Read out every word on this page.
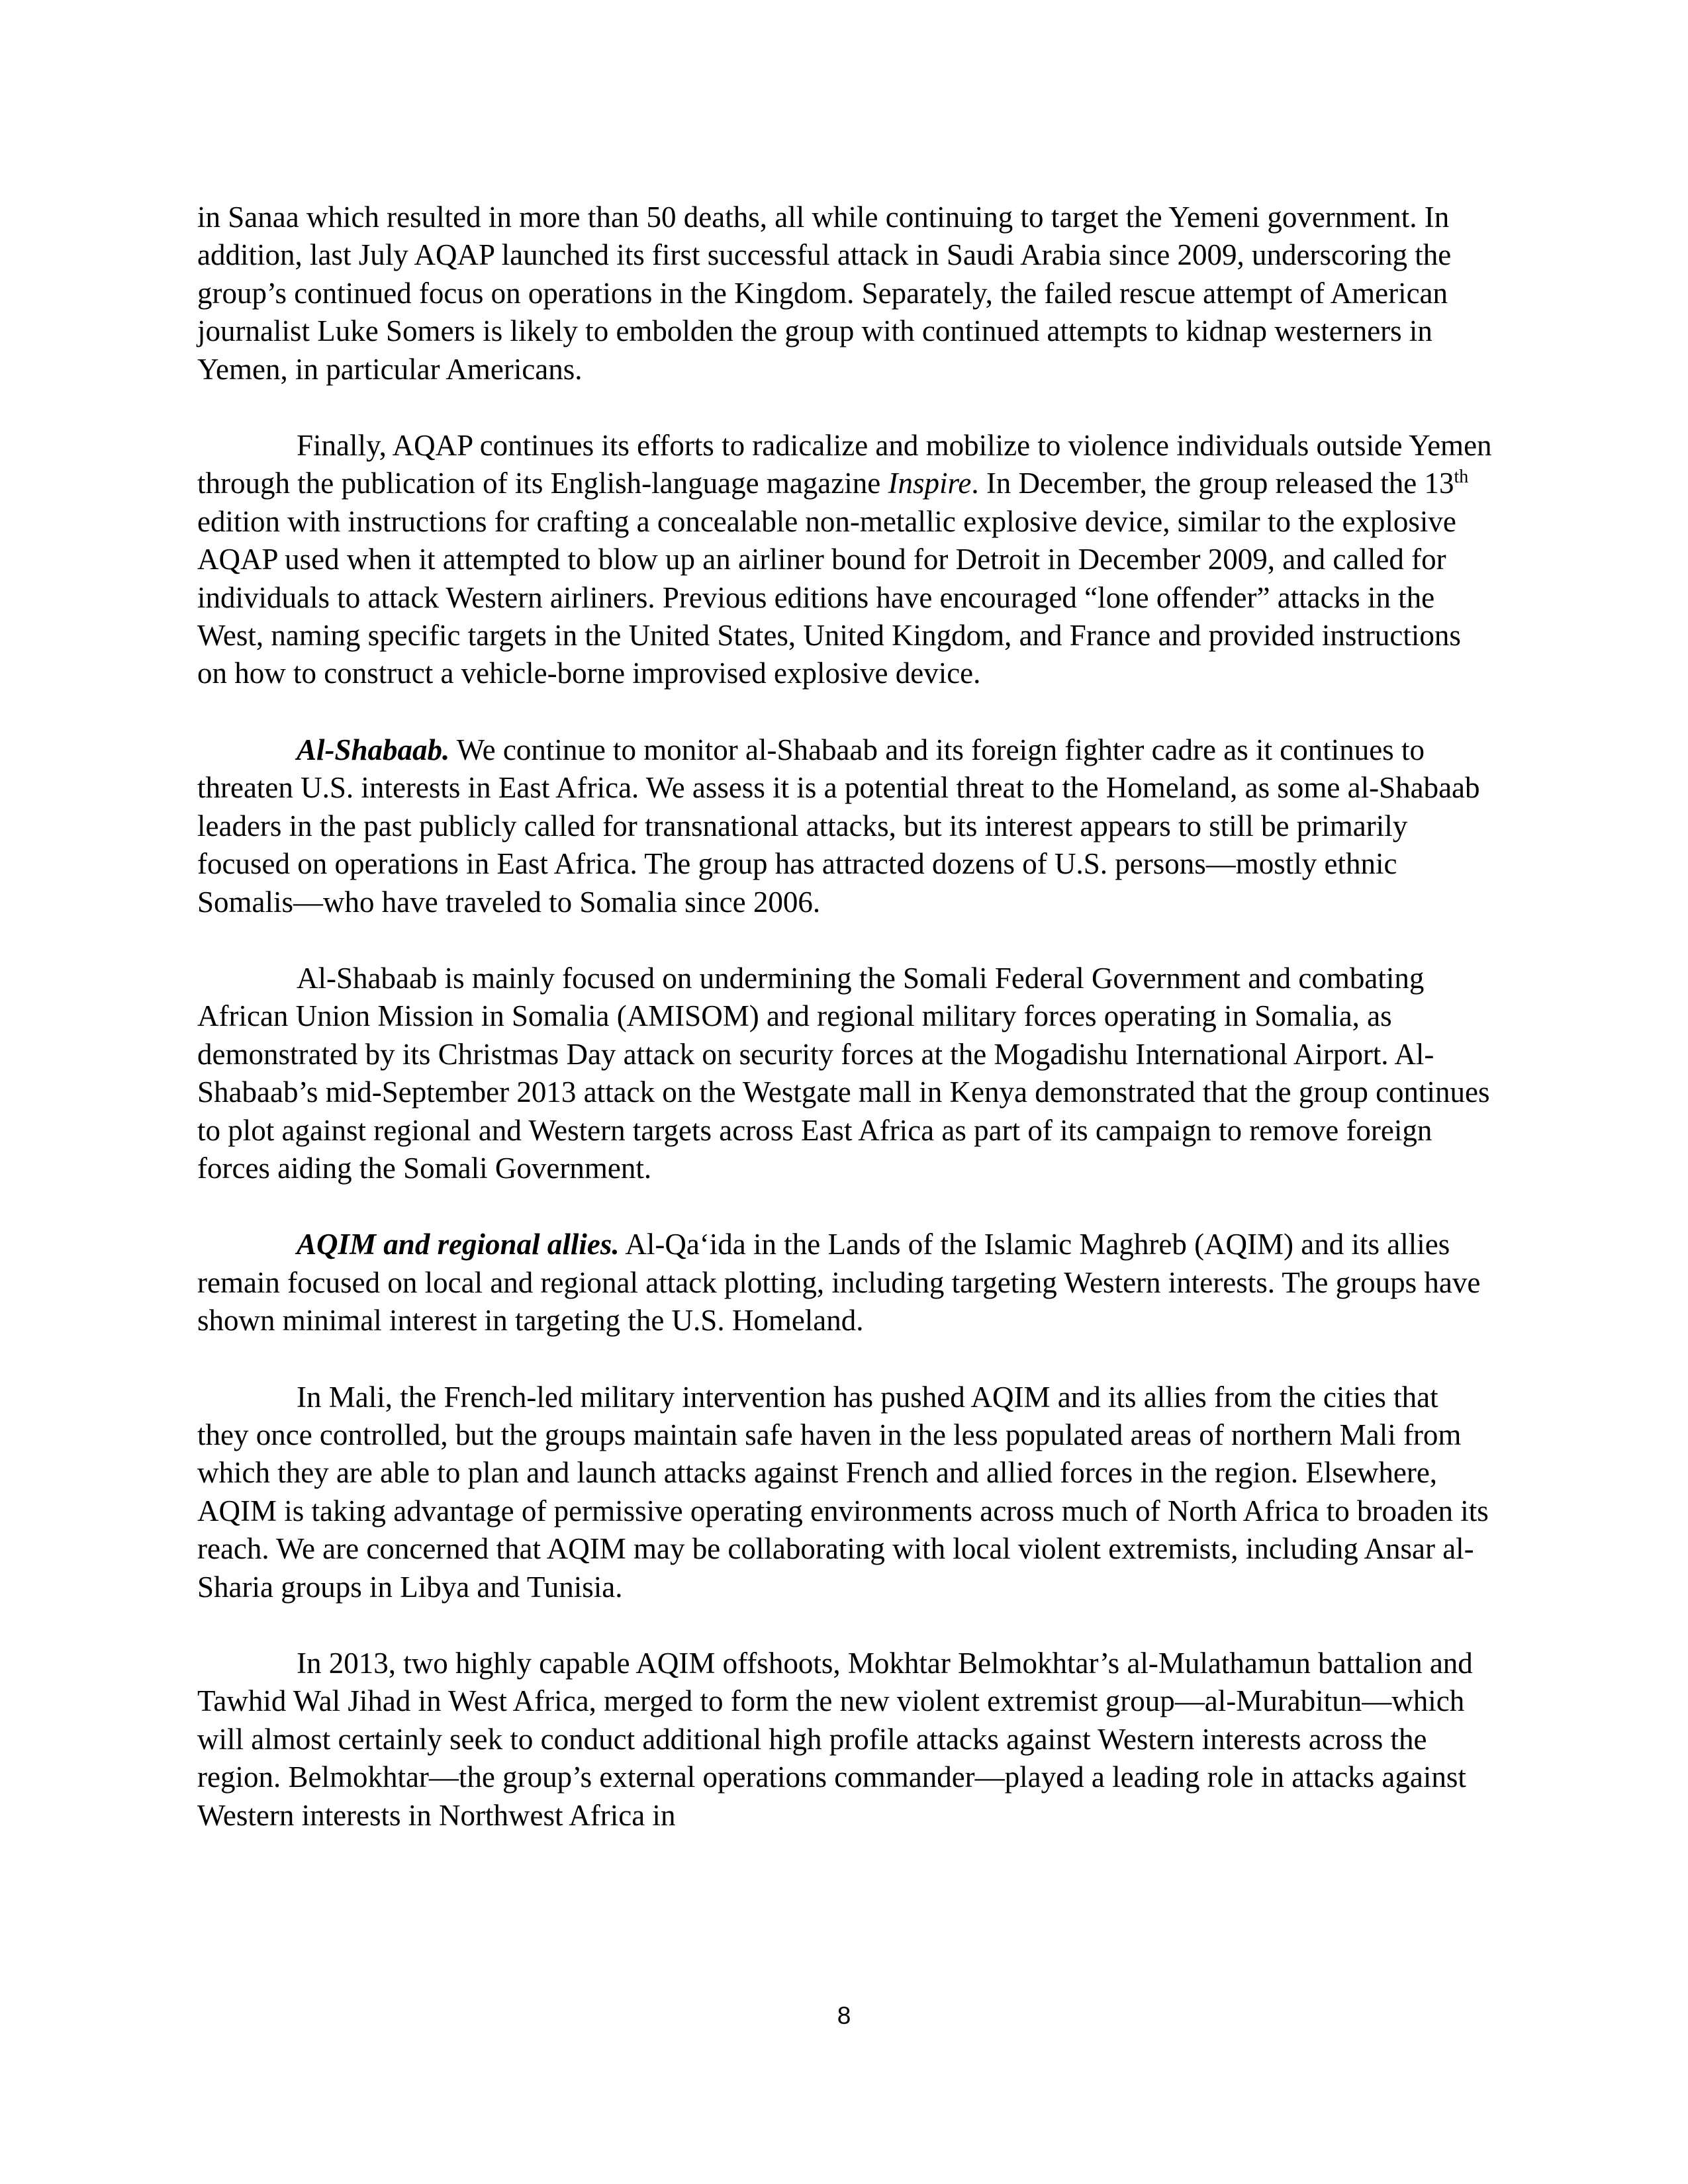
in Sanaa which resulted in more than 50 deaths, all while continuing to target the Yemeni government. In addition, last July AQAP launched its first successful attack in Saudi Arabia since 2009, underscoring the group’s continued focus on operations in the Kingdom. Separately, the failed rescue attempt of American journalist Luke Somers is likely to embolden the group with continued attempts to kidnap westerners in Yemen, in particular Americans.

Finally, AQAP continues its efforts to radicalize and mobilize to violence individuals outside Yemen through the publication of its English-language magazine Inspire. In December, the group released the 13th edition with instructions for crafting a concealable non-metallic explosive device, similar to the explosive AQAP used when it attempted to blow up an airliner bound for Detroit in December 2009, and called for individuals to attack Western airliners. Previous editions have encouraged “lone offender” attacks in the West, naming specific targets in the United States, United Kingdom, and France and provided instructions on how to construct a vehicle-borne improvised explosive device.

Al-Shabaab. We continue to monitor al-Shabaab and its foreign fighter cadre as it continues to threaten U.S. interests in East Africa. We assess it is a potential threat to the Homeland, as some al-Shabaab leaders in the past publicly called for transnational attacks, but its interest appears to still be primarily focused on operations in East Africa. The group has attracted dozens of U.S. persons—mostly ethnic Somalis—who have traveled to Somalia since 2006.

Al-Shabaab is mainly focused on undermining the Somali Federal Government and combating African Union Mission in Somalia (AMISOM) and regional military forces operating in Somalia, as demonstrated by its Christmas Day attack on security forces at the Mogadishu International Airport. Al-Shabaab’s mid-September 2013 attack on the Westgate mall in Kenya demonstrated that the group continues to plot against regional and Western targets across East Africa as part of its campaign to remove foreign forces aiding the Somali Government.

AQIM and regional allies. Al-Qa‘ida in the Lands of the Islamic Maghreb (AQIM) and its allies remain focused on local and regional attack plotting, including targeting Western interests. The groups have shown minimal interest in targeting the U.S. Homeland.

In Mali, the French-led military intervention has pushed AQIM and its allies from the cities that they once controlled, but the groups maintain safe haven in the less populated areas of northern Mali from which they are able to plan and launch attacks against French and allied forces in the region. Elsewhere, AQIM is taking advantage of permissive operating environments across much of North Africa to broaden its reach. We are concerned that AQIM may be collaborating with local violent extremists, including Ansar al-Sharia groups in Libya and Tunisia.

In 2013, two highly capable AQIM offshoots, Mokhtar Belmokhtar’s al-Mulathamun battalion and Tawhid Wal Jihad in West Africa, merged to form the new violent extremist group—al-Murabitun—which will almost certainly seek to conduct additional high profile attacks against Western interests across the region. Belmokhtar—the group’s external operations commander—played a leading role in attacks against Western interests in Northwest Africa in

8
